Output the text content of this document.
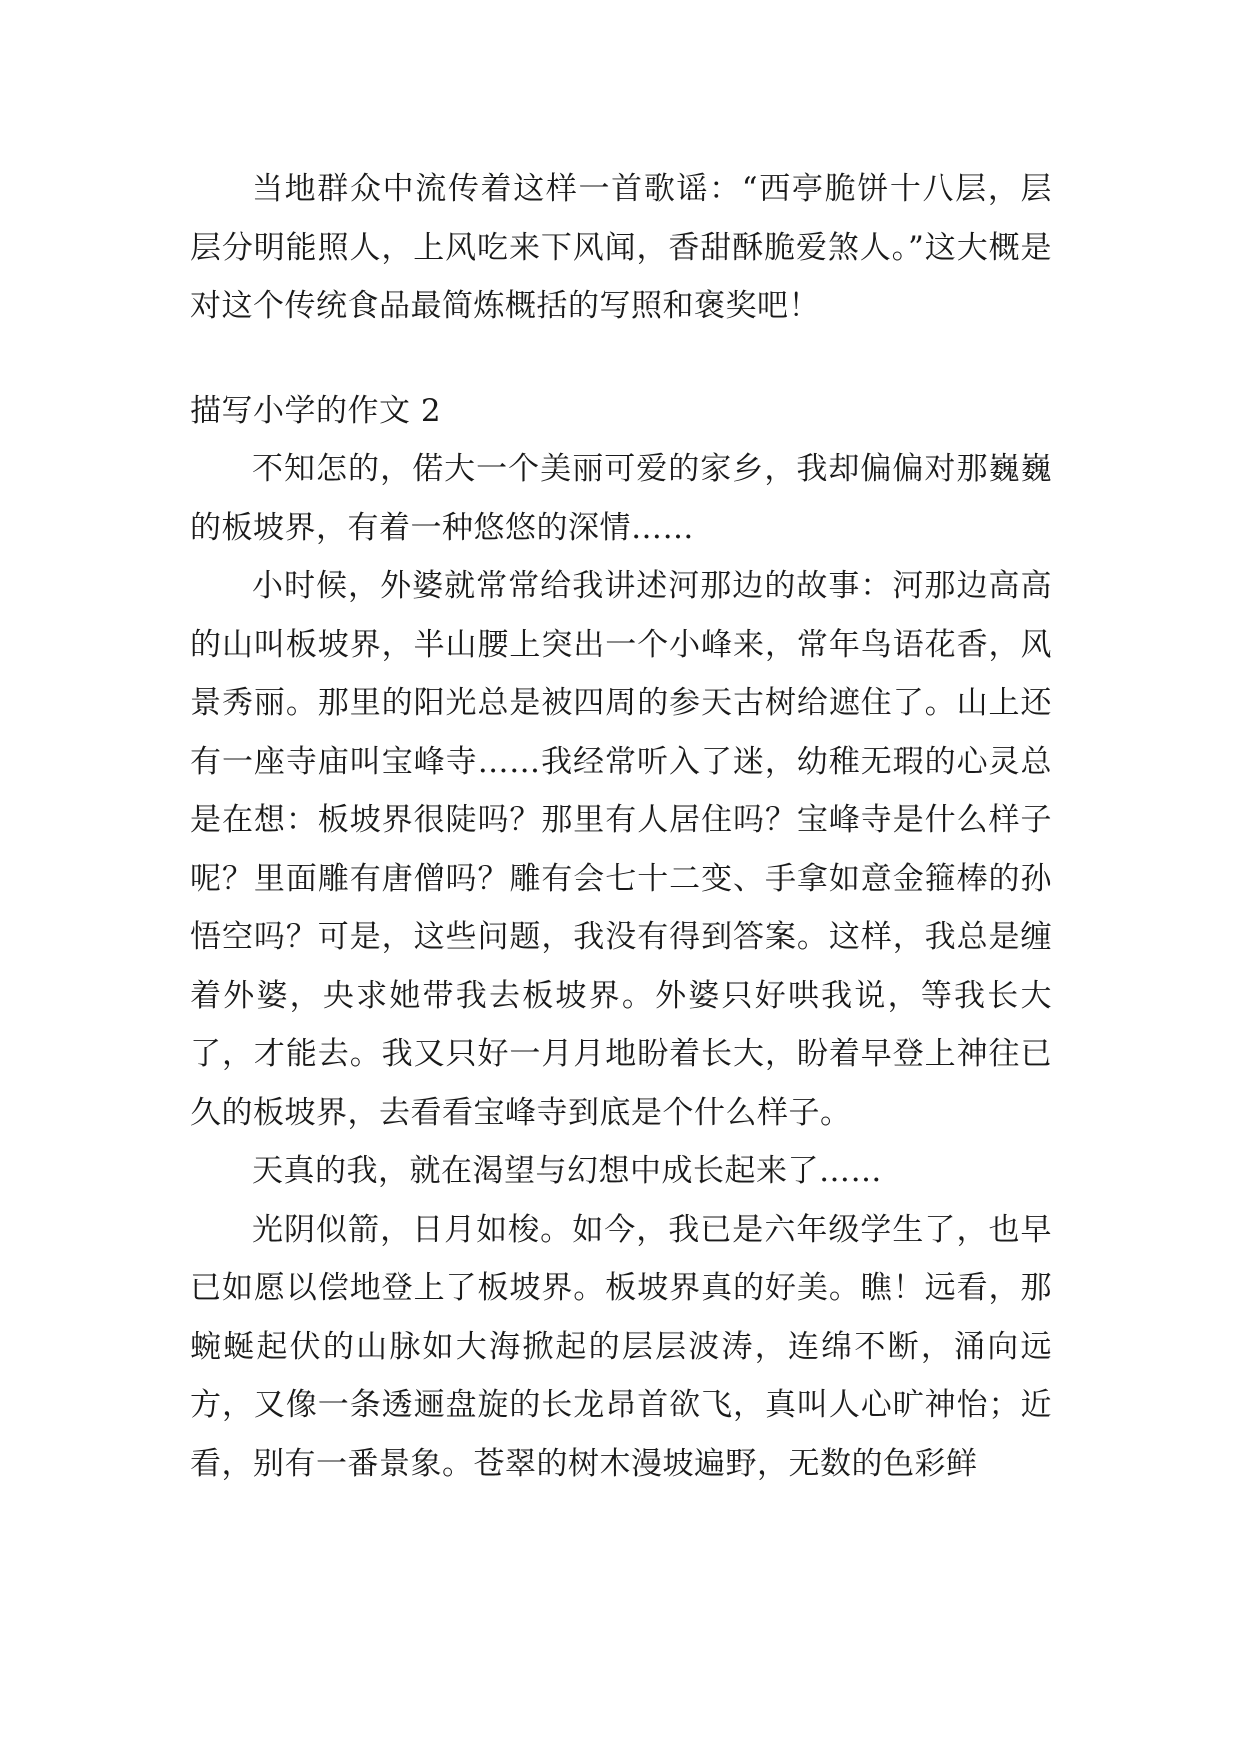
当地群众中流传着这样一首歌谣：“西亭脆饼十八层，层层分明能照人，上风吃来下风闻，香甜酥脆爱煞人。”这大概是对这个传统食品最简炼概括的写照和褒奖吧！

描写小学的作文 2

不知怎的，偌大一个美丽可爱的家乡，我却偏偏对那巍巍的板坡界，有着一种悠悠的深情……

小时候，外婆就常常给我讲述河那边的故事：河那边高高的山叫板坡界，半山腰上突出一个小峰来，常年鸟语花香，风景秀丽。那里的阳光总是被四周的参天古树给遮住了。山上还有一座寺庙叫宝峰寺……我经常听入了迷，幼稚无瑕的心灵总是在想：板坡界很陡吗？那里有人居住吗？宝峰寺是什么样子呢？里面雕有唐僧吗？雕有会七十二变、手拿如意金箍棒的孙悟空吗？可是，这些问题，我没有得到答案。这样，我总是缠着外婆，央求她带我去板坡界。外婆只好哄我说，等我长大了，才能去。我又只好一月月地盼着长大，盼着早登上神往已久的板坡界，去看看宝峰寺到底是个什么样子。

天真的我，就在渴望与幻想中成长起来了……

光阴似箭，日月如梭。如今，我已是六年级学生了，也早已如愿以偿地登上了板坡界。板坡界真的好美。瞧！远看，那蜿蜒起伏的山脉如大海掀起的层层波涛，连绵不断，涌向远方，又像一条透逦盘旋的长龙昂首欲飞，真叫人心旷神怡；近看，别有一番景象。苍翠的树木漫坡遍野，无数的色彩鲜
